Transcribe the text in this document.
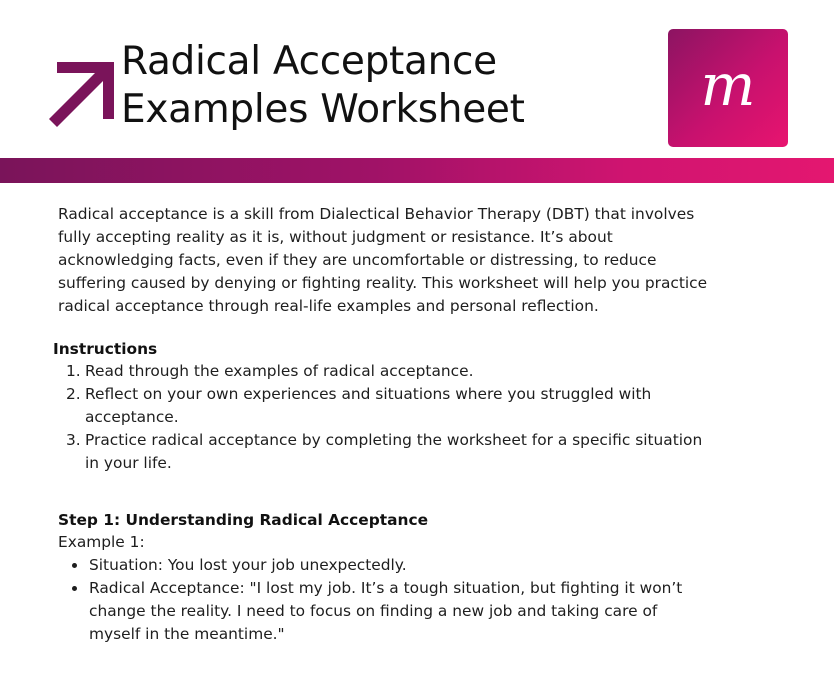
Radical Acceptance
Examples Worksheet	m

Radical acceptance is a skill from Dialectical Behavior Therapy (DBT) that involves
fully accepting reality as it is, without judgment or resistance. It’s about
acknowledging facts, even if they are uncomfortable or distressing, to reduce
suffering caused by denying or fighting reality. This worksheet will help you practice
radical acceptance through real-life examples and personal reflection.

Instructions
1. Read through the examples of radical acceptance.
2. Reflect on your own experiences and situations where you struggled with
acceptance.
3. Practice radical acceptance by completing the worksheet for a specific situation
in your life.
Step 1: Understanding Radical Acceptance

Example 1:

Situation: You lost your job unexpectedly.
Radical Acceptance: "I lost my job. It’s a tough situation, but fighting it won’t
change the reality. I need to focus on finding a new job and taking care of
myself in the meantime."
